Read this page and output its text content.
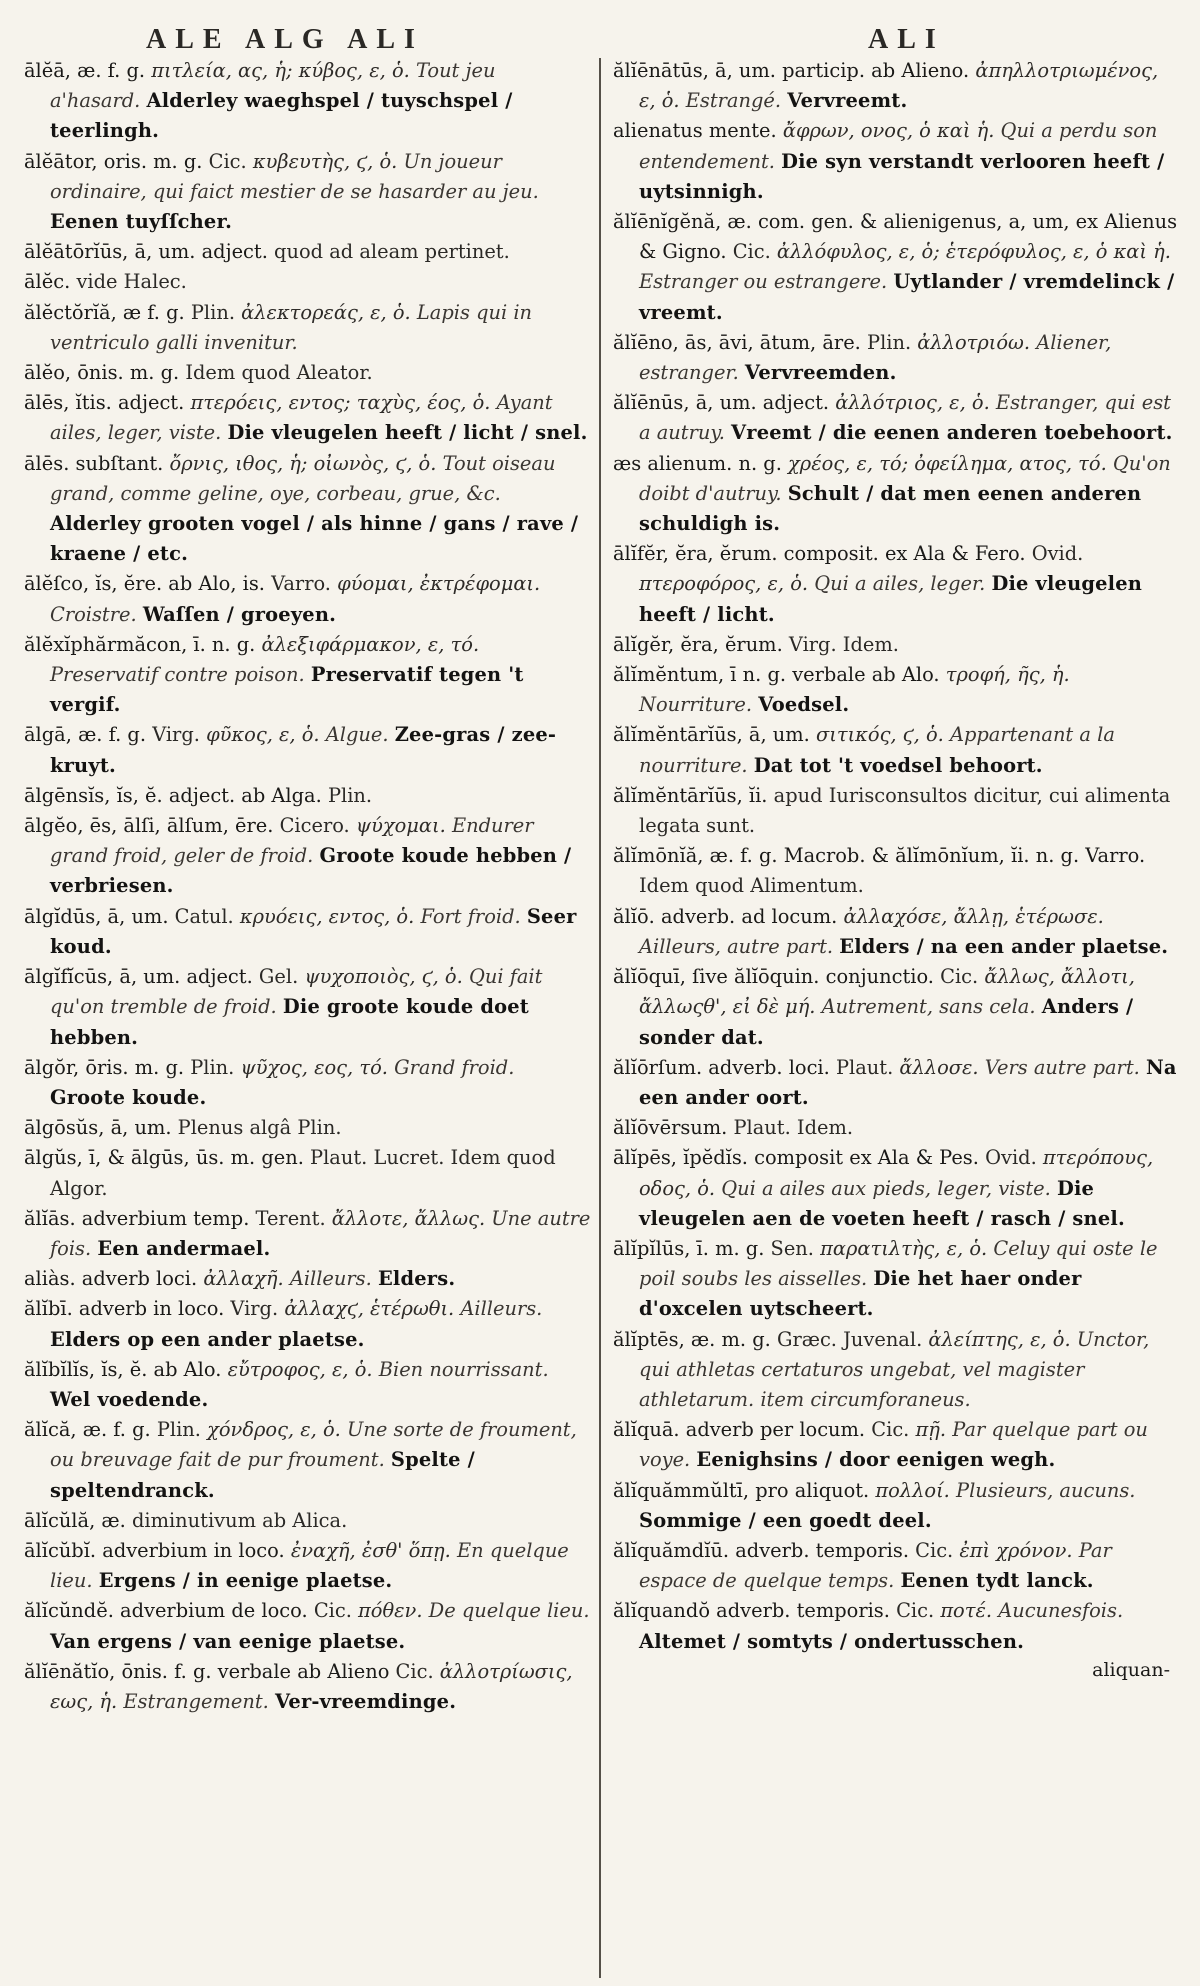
ALE ALG ALI	ALI

ālĕā, æ. f. g. πιτλεία, ας, ἡ; κύβος, ε, ὁ. Tout jeu a'hasard. Alderley waeghspel / tuyschspel / teerlingh.

ālĕātor, oris. m. g. Cic. κυβευτὴς, ϛ, ὁ. Un joueur ordinaire, qui faict mestier de se hasarder au jeu. Eenen tuyſſcher.

ālĕātōrĭūs, ā, um. adject. quod ad aleam pertinet.

ālĕc. vide Halec.

ălĕctŏrĭă, æ f. g. Plin. ἀλεκτορεάς, ε, ὁ. Lapis qui in ventriculo galli invenitur.

ālĕo, ōnis. m. g. Idem quod Aleator.

ālēs, ĭtis. adject. πτερόεις, εντος; ταχὺς, έος, ὁ. Ayant ailes, leger, viste. Die vleugelen heeft / licht / snel.

ālēs. subſtant. ὄρνις, ιθος, ἡ; οἰωνὸς, ϛ, ὁ. Tout oiseau grand, comme geline, oye, corbeau, grue, &c. Alderley grooten vogel / als hinne / gans / rave / kraene / etc.

ālĕſco, ĭs, ĕre. ab Alo, is. Varro. φύομαι, ἐκτρέφομαι. Croistre. Waſſen / groeyen.

ălĕxĭphărmăcon, ī. n. g. ἀλεξιφάρμακον, ε, τό. Preservatif contre poison. Preservatif tegen 't vergif.

ālgā, æ. f. g. Virg. φῦκος, ε, ὁ. Algue. Zee-gras / zee-kruyt.

ālgēnsĭs, ĭs, ĕ. adject. ab Alga. Plin.

ālgĕo, ēs, ālſi, ālſum, ēre. Cicero. ψύχομαι. Endurer grand froid, geler de froid. Groote koude hebben / verbriesen.

ālgĭdūs, ā, um. Catul. κρυόεις, εντος, ὁ. Fort froid. Seer koud.

ālgĭfĭcūs, ā, um. adject. Gel. ψυχοποιὸς, ϛ, ὁ. Qui fait qu'on tremble de froid. Die groote koude doet hebben.

ālgŏr, ōris. m. g. Plin. ψῦχος, εος, τό. Grand froid. Groote koude.

ālgōsŭs, ā, um. Plenus algâ Plin.

ālgŭs, ī, & ālgūs, ūs. m. gen. Plaut. Lucret. Idem quod Algor.

ălĭās. adverbium temp. Terent. ἄλλοτε, ἄλλως. Une autre fois. Een andermael.

aliàs. adverb loci. ἀλλαχῆ. Ailleurs. Elders.

ălĭbī. adverb in loco. Virg. ἀλλαχϛ, ἑτέρωθι. Ailleurs. Elders op een ander plaetse.

ălĭbĭlĭs, ĭs, ĕ. ab Alo. εὔτροφος, ε, ὁ. Bien nourrissant. Wel voedende.

ălĭcă, æ. f. g. Plin. χόνδρος, ε, ὁ. Une sorte de froument, ou breuvage fait de pur froument. Spelte / speltendranck.

ālĭcŭlă, æ. diminutivum ab Alica.

ālĭcŭbĭ. adverbium in loco. ἐναχῆ, ἐσθ' ὅπῃ. En quelque lieu. Ergens / in eenige plaetse.

ălĭcŭndĕ. adverbium de loco. Cic. πόθεν. De quelque lieu. Van ergens / van eenige plaetse.

ălĭēnătĭo, ōnis. f. g. verbale ab Alieno Cic. ἀλλοτρίωσις, εως, ἡ. Estrangement. Ver-vreemdinge.

ălĭēnātūs, ā, um. particip. ab Alieno. ἀπηλλοτριωμένος, ε, ὁ. Estrangé. Vervreemt.

alienatus mente. ἄφρων, ονος, ὁ καὶ ἡ. Qui a perdu son entendement. Die syn verstandt verlooren heeft / uytsinnigh.

ălĭēnĭgĕnă, æ. com. gen. & alienigenus, a, um, ex Alienus & Gigno. Cic. ἀλλόφυλος, ε, ὁ; ἑτερόφυλος, ε, ὁ καὶ ἡ. Estranger ou estrangere. Uytlander / vremdelinck / vreemt.

ălĭēno, ās, āvi, ātum, āre. Plin. ἀλλοτριόω. Aliener, estranger. Vervreemden.

ălĭēnūs, ā, um. adject. ἀλλότριος, ε, ὁ. Estranger, qui est a autruy. Vreemt / die eenen anderen toebehoort.

æs alienum. n. g. χρέος, ε, τό; ὀφείλημα, ατος, τό. Qu'on doibt d'autruy. Schult / dat men eenen anderen schuldigh is.

ālĭfĕr, ĕra, ĕrum. composit. ex Ala & Fero. Ovid. πτεροφόρος, ε, ὁ. Qui a ailes, leger. Die vleugelen heeft / licht.

ālĭgĕr, ĕra, ĕrum. Virg. Idem.

ălĭmĕntum, ī n. g. verbale ab Alo. τροφή, ῆς, ἡ. Nourriture. Voedsel.

ălĭmĕntārĭūs, ā, um. σιτικός, ϛ, ὁ. Appartenant a la nourriture. Dat tot 't voedsel behoort.

ălĭmĕntārĭūs, ĭi. apud Iurisconsultos dicitur, cui alimenta legata sunt.

ălĭmōnĭă, æ. f. g. Macrob. & ălĭmōnĭum, ĭi. n. g. Varro. Idem quod Alimentum.

ălĭō. adverb. ad locum. ἀλλαχόσε, ἄλλῃ, ἑτέρωσε. Ailleurs, autre part. Elders / na een ander plaetse.

ălĭōquī, ſive ălĭōquin. conjunctio. Cic. ἄλλως, ἄλλοτι, ἄλλωςθ', εἰ δὲ μή. Autrement, sans cela. Anders / sonder dat.

ălĭōrſum. adverb. loci. Plaut. ἄλλοσε. Vers autre part. Na een ander oort.

ălĭōvērsum. Plaut. Idem.

ālĭpēs, ĭpĕdĭs. composit ex Ala & Pes. Ovid. πτερόπους, οδος, ὁ. Qui a ailes aux pieds, leger, viste. Die vleugelen aen de voeten heeft / rasch / snel.

ālĭpĭlūs, ī. m. g. Sen. παρατιλτὴς, ε, ὁ. Celuy qui oste le poil soubs les aisselles. Die het haer onder d'oxcelen uytscheert.

ălĭptēs, æ. m. g. Græc. Juvenal. ἀλείπτης, ε, ὁ. Unctor, qui athletas certaturos ungebat, vel magister athletarum. item circumforaneus.

ălĭquā. adverb per locum. Cic. πῇ. Par quelque part ou voye. Eenighsins / door eenigen wegh.

ălĭquămmŭltī, pro aliquot. πολλοί. Plusieurs, aucuns. Sommige / een goedt deel.

ălĭquămdĭū. adverb. temporis. Cic. ἐπὶ χρόνον. Par espace de quelque temps. Eenen tydt lanck.

ălĭquandŏ adverb. temporis. Cic. ποτέ. Aucunesfois. Altemet / somtyts / ondertusschen.

aliquan-
